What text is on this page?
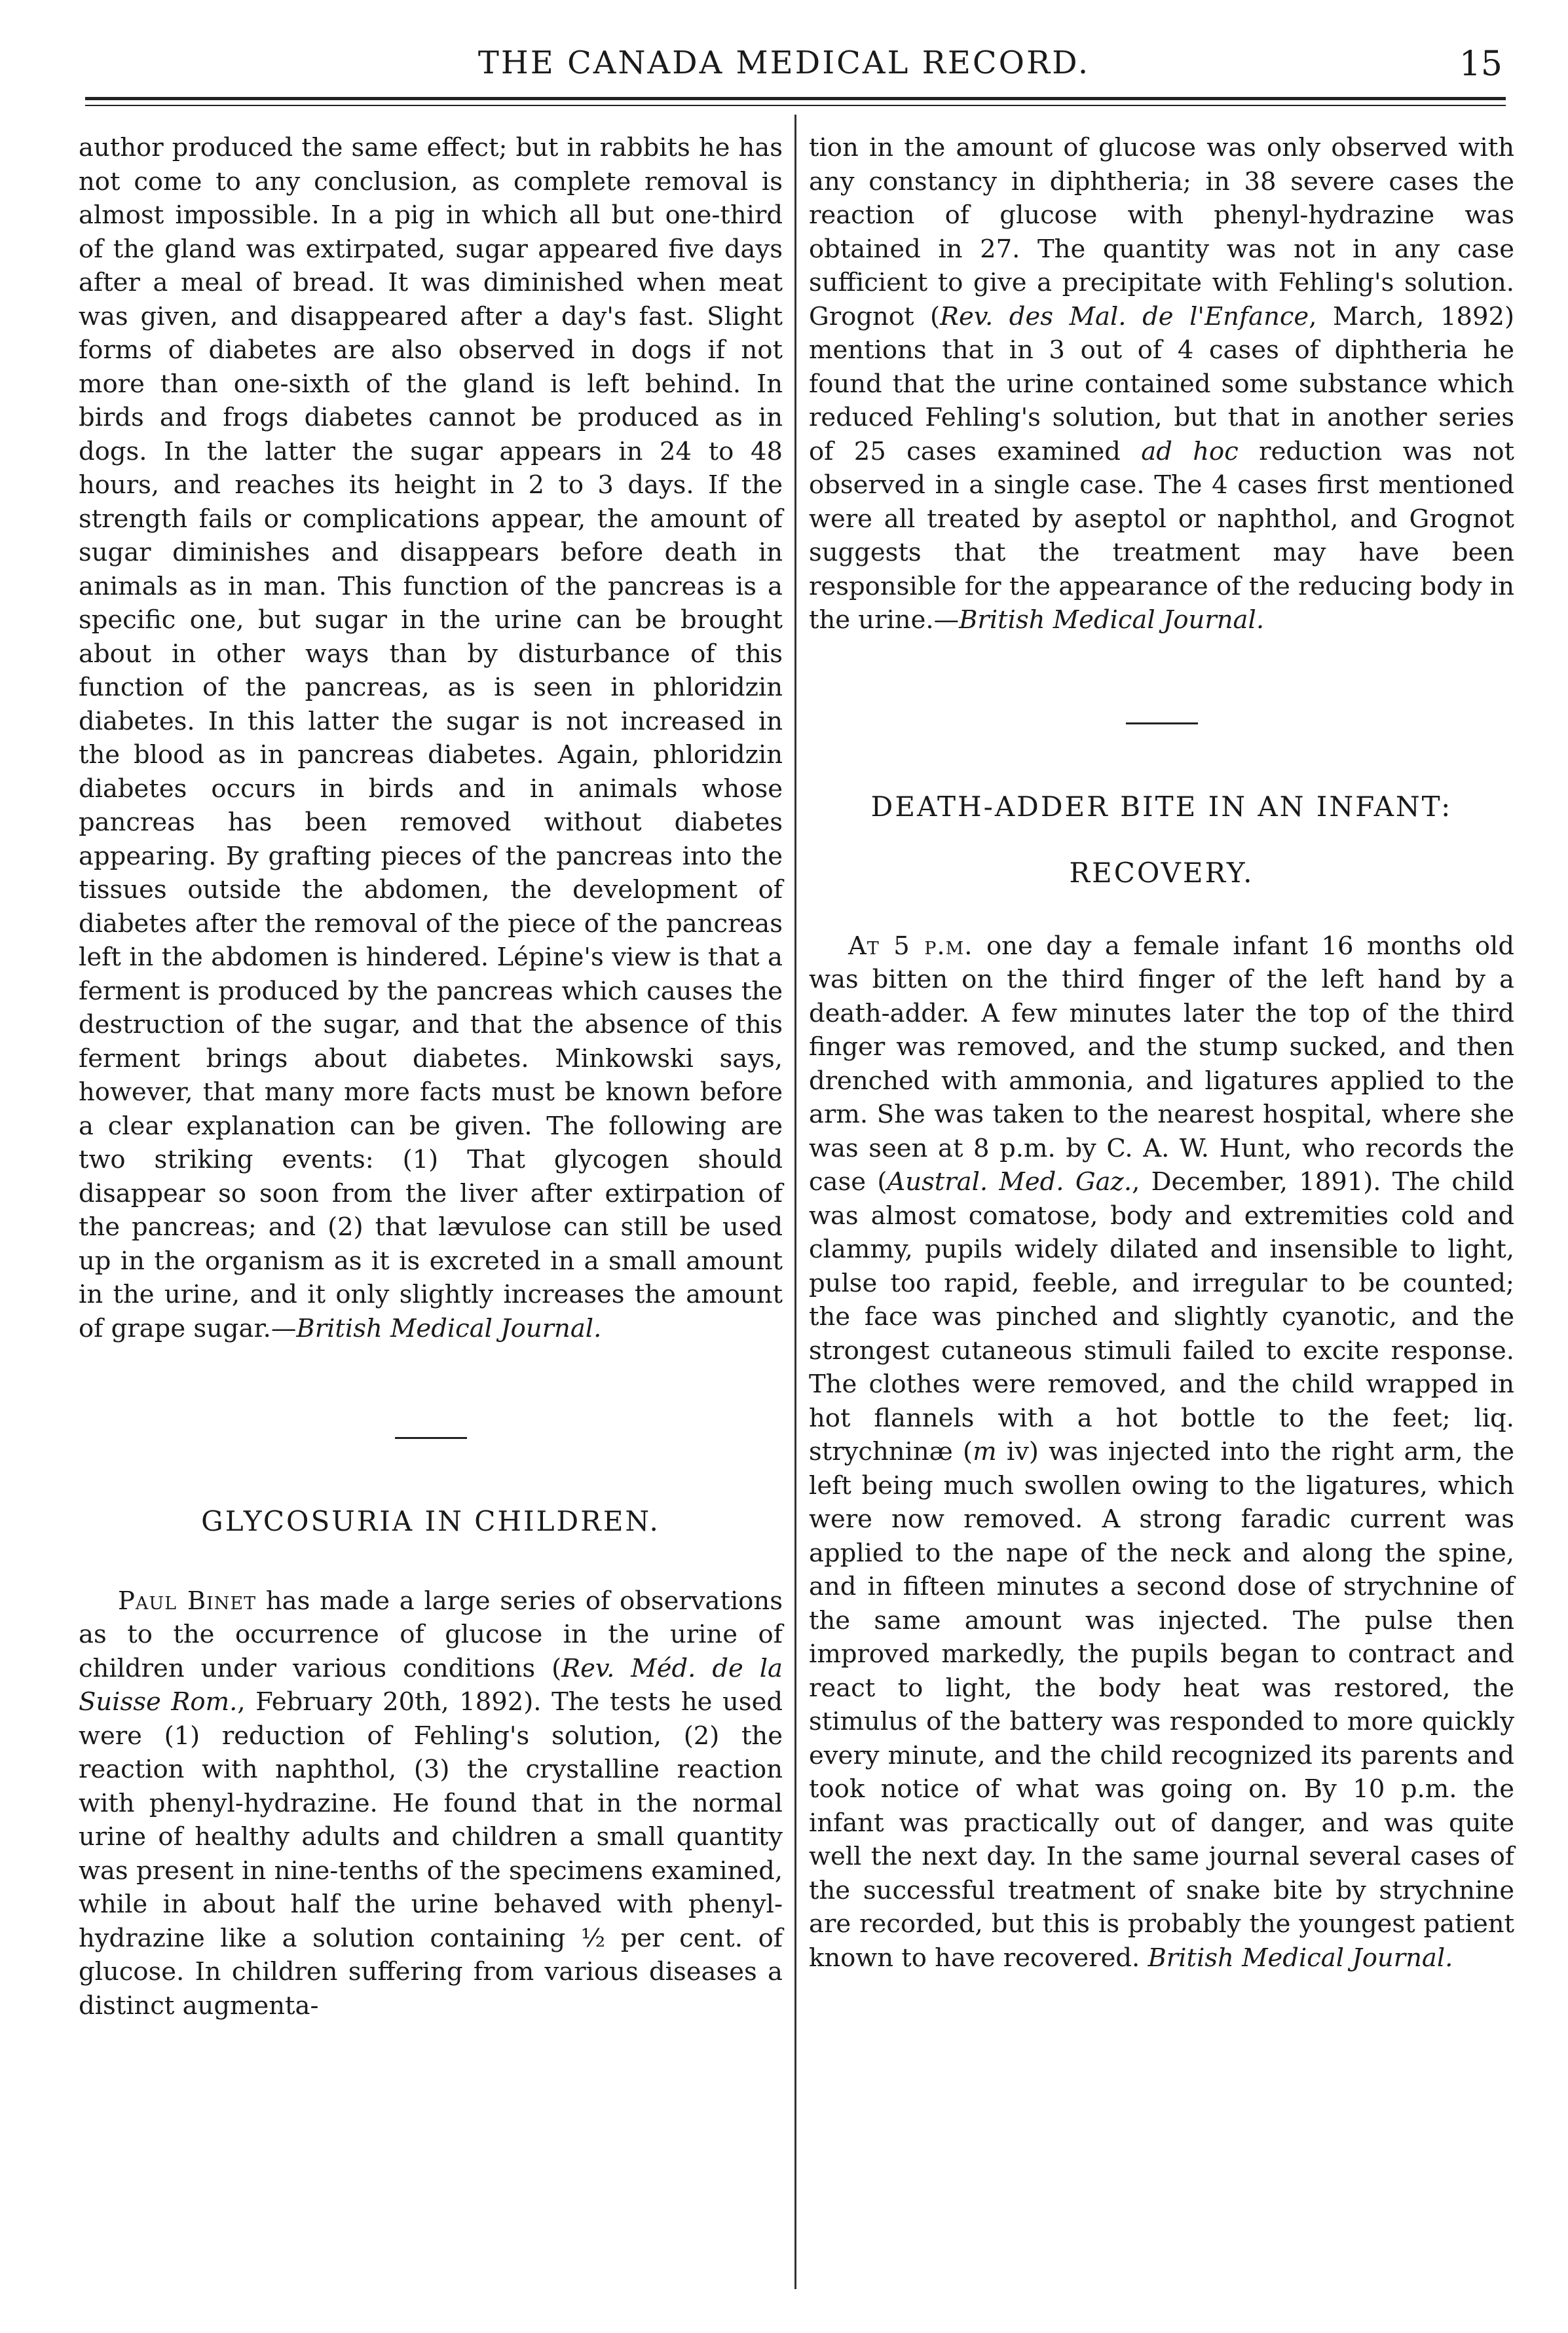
THE CANADA MEDICAL RECORD.	15

author produced the same effect; but in rabbits he has not come to any conclusion, as complete removal is almost impossible. In a pig in which all but one-third of the gland was extirpated, sugar appeared five days after a meal of bread. It was diminished when meat was given, and disappeared after a day's fast. Slight forms of diabetes are also observed in dogs if not more than one-sixth of the gland is left behind. In birds and frogs diabetes cannot be produced as in dogs. In the latter the sugar appears in 24 to 48 hours, and reaches its height in 2 to 3 days. If the strength fails or complications appear, the amount of sugar diminishes and disappears before death in animals as in man. This function of the pancreas is a specific one, but sugar in the urine can be brought about in other ways than by disturbance of this function of the pancreas, as is seen in phloridzin diabetes. In this latter the sugar is not increased in the blood as in pancreas diabetes. Again, phloridzin diabetes occurs in birds and in animals whose pancreas has been removed without diabetes appearing. By grafting pieces of the pancreas into the tissues outside the abdomen, the development of diabetes after the removal of the piece of the pancreas left in the abdomen is hindered. Lépine's view is that a ferment is produced by the pancreas which causes the destruction of the sugar, and that the absence of this ferment brings about diabetes. Minkowski says, however, that many more facts must be known before a clear explanation can be given. The following are two striking events: (1) That glycogen should disappear so soon from the liver after extirpation of the pancreas; and (2) that lævulose can still be used up in the organism as it is excreted in a small amount in the urine, and it only slightly increases the amount of grape sugar.—British Medical Journal.

GLYCOSURIA IN CHILDREN.

Paul Binet has made a large series of observations as to the occurrence of glucose in the urine of children under various conditions (Rev. Méd. de la Suisse Rom., February 20th, 1892). The tests he used were (1) reduction of Fehling's solution, (2) the reaction with naphthol, (3) the crystalline reaction with phenyl-hydrazine. He found that in the normal urine of healthy adults and children a small quantity was present in nine-tenths of the specimens examined, while in about half the urine behaved with phenyl-hydrazine like a solution containing ½ per cent. of glucose. In children suffering from various diseases a distinct augmenta-

tion in the amount of glucose was only observed with any constancy in diphtheria; in 38 severe cases the reaction of glucose with phenyl-hydrazine was obtained in 27. The quantity was not in any case sufficient to give a precipitate with Fehling's solution. Grognot (Rev. des Mal. de l'Enfance, March, 1892) mentions that in 3 out of 4 cases of diphtheria he found that the urine contained some substance which reduced Fehling's solution, but that in another series of 25 cases examined ad hoc reduction was not observed in a single case. The 4 cases first mentioned were all treated by aseptol or naphthol, and Grognot suggests that the treatment may have been responsible for the appearance of the reducing body in the urine.—British Medical Journal.

DEATH-ADDER BITE IN AN INFANT:

RECOVERY.

At 5 p.m. one day a female infant 16 months old was bitten on the third finger of the left hand by a death-adder. A few minutes later the top of the third finger was removed, and the stump sucked, and then drenched with ammonia, and ligatures applied to the arm. She was taken to the nearest hospital, where she was seen at 8 p.m. by C. A. W. Hunt, who records the case (Austral. Med. Gaz., December, 1891). The child was almost comatose, body and extremities cold and clammy, pupils widely dilated and insensible to light, pulse too rapid, feeble, and irregular to be counted; the face was pinched and slightly cyanotic, and the strongest cutaneous stimuli failed to excite response. The clothes were removed, and the child wrapped in hot flannels with a hot bottle to the feet; liq. strychninæ (m iv) was injected into the right arm, the left being much swollen owing to the ligatures, which were now removed. A strong faradic current was applied to the nape of the neck and along the spine, and in fifteen minutes a second dose of strychnine of the same amount was injected. The pulse then improved markedly, the pupils began to contract and react to light, the body heat was restored, the stimulus of the battery was responded to more quickly every minute, and the child recognized its parents and took notice of what was going on. By 10 p.m. the infant was practically out of danger, and was quite well the next day. In the same journal several cases of the successful treatment of snake bite by strychnine are recorded, but this is probably the youngest patient known to have recovered. British Medical Journal.
